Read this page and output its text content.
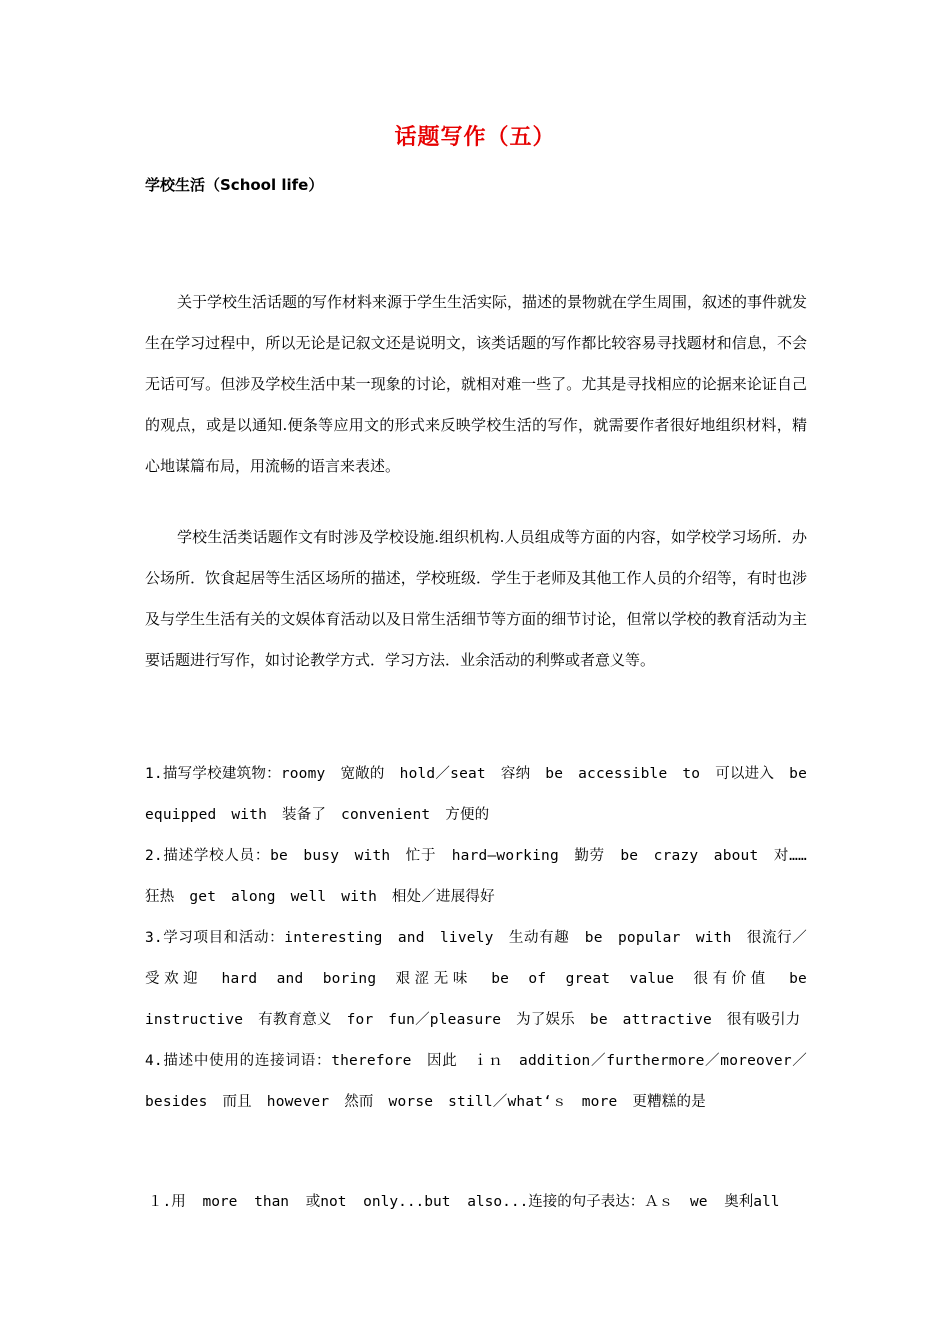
话题写作（五）
学校生活（School life）

关于学校生活话题的写作材料来源于学生生活实际，描述的景物就在学生周围，叙述的事件就发生在学习过程中，所以无论是记叙文还是说明文，该类话题的写作都比较容易寻找题材和信息，不会无话可写。但涉及学校生活中某一现象的讨论，就相对难一些了。尤其是寻找相应的论据来论证自己的观点，或是以通知.便条等应用文的形式来反映学校生活的写作，就需要作者很好地组织材料，精心地谋篇布局，用流畅的语言来表述。

学校生活类话题作文有时涉及学校设施.组织机构.人员组成等方面的内容，如学校学习场所．办公场所．饮食起居等生活区场所的描述，学校班级．学生于老师及其他工作人员的介绍等，有时也涉及与学生生活有关的文娱体育活动以及日常生活细节等方面的细节讨论，但常以学校的教育活动为主要话题进行写作，如讨论教学方式．学习方法．业余活动的利弊或者意义等。

1.描写学校建筑物：roomy 宽敞的 hold／seat 容纳 be accessible to 可以进入 be equipped with 装备了 convenient 方便的

2.描述学校人员：be busy with 忙于 hard—working 勤劳 be crazy about 对……狂热 get along well with 相处／进展得好

3.学习项目和活动：interesting and lively 生动有趣 be popular with 很流行／受欢迎 hard and boring 艰涩无味 be of great value 很有价值 be instructive 有教育意义 for fun／pleasure 为了娱乐 be attractive 很有吸引力

4.描述中使用的连接词语：therefore 因此 ｉｎ addition／furthermore／moreover／besides 而且 however 然而 worse still／what‘ｓ more 更糟糕的是

１.用 more than 或not only...but also...连接的句子表达：Ａｓ we 奥利all
